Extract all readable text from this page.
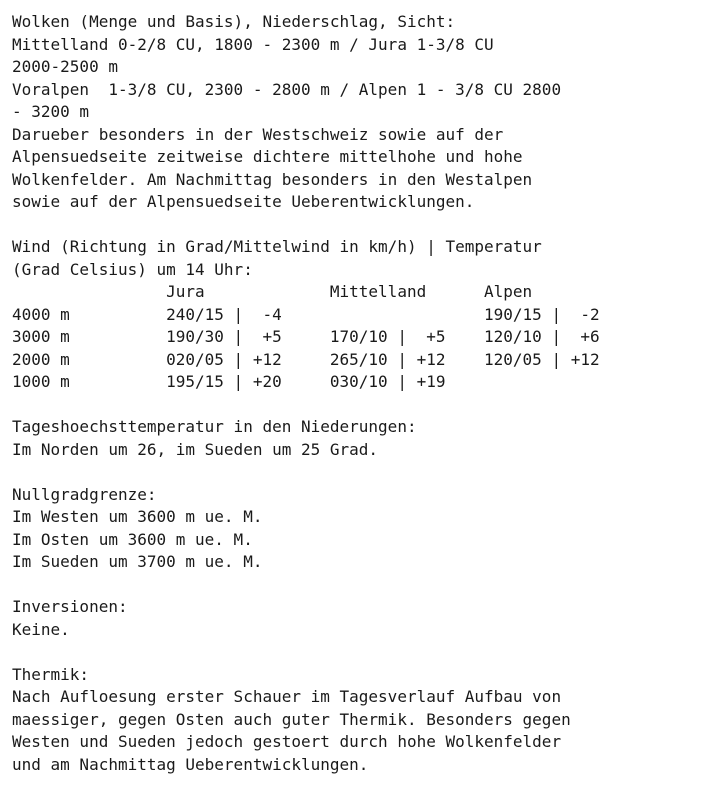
Wolken (Menge und Basis), Niederschlag, Sicht:
Mittelland 0-2/8 CU, 1800 - 2300 m / Jura 1-3/8 CU
2000-2500 m
Voralpen  1-3/8 CU, 2300 - 2800 m / Alpen 1 - 3/8 CU 2800
- 3200 m
Darueber besonders in der Westschweiz sowie auf der
Alpensuedseite zeitweise dichtere mittelhohe und hohe
Wolkenfelder. Am Nachmittag besonders in den Westalpen
sowie auf der Alpensuedseite Ueberentwicklungen.
Wind (Richtung in Grad/Mittelwind in km/h) | Temperatur
(Grad Celsius) um 14 Uhr:
Jura             Mittelland      Alpen
4000 m          240/15 |  -4                     190/15 |  -2
3000 m          190/30 |  +5     170/10 |  +5    120/10 |  +6
2000 m          020/05 | +12     265/10 | +12    120/05 | +12
1000 m          195/15 | +20     030/10 | +19
Tageshoechsttemperatur in den Niederungen:
Im Norden um 26, im Sueden um 25 Grad.
Nullgradgrenze:
Im Westen um 3600 m ue. M.
Im Osten um 3600 m ue. M.
Im Sueden um 3700 m ue. M.
Inversionen:
Keine.
Thermik:
Nach Aufloesung erster Schauer im Tagesverlauf Aufbau von
maessiger, gegen Osten auch guter Thermik. Besonders gegen
Westen und Sueden jedoch gestoert durch hohe Wolkenfelder
und am Nachmittag Ueberentwicklungen.
